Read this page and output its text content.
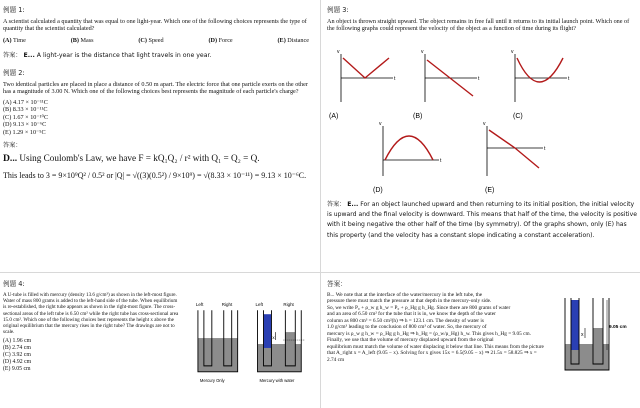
例题 1:
A scientist calculated a quantity that was equal to one light-year. Which one of the following choices represents the type of quantity that the scientist calculated?
(A) Time	(B) Mass	(C) Speed	(D) Force	(E) Distance
答案： E... A light-year is the distance that light travels in one year.
例题 2:
Two identical particles are placed in place a distance of 0.50 m apart. The electric force that one particle exerts on the other has a magnitude of 3.00 N. Which one of the following choices best represents the magnitude of each particle's charge?
(A) 4.17 × 10⁻¹¹C
(B) 8.33 × 10⁻¹¹C
(C) 1.67 × 10⁻¹⁰C
(D) 9.13 × 10⁻⁶C
(E) 1.29 × 10⁻⁵C
答案：
D... Using Coulomb's Law, we have F = kQ₁Q₂ / r² with Q₁ = Q₂ = Q.
This leads to 3 = 9×10⁹Q² / 0.5² or |Q| = √((3)(0.5²) / 9×10⁹) = √(8.33 × 10⁻¹¹) = 9.13 × 10⁻⁶C.
例题 3:
An object is thrown straight upward. The object remains in free fall until it returns to its initial launch point. Which one of the following graphs could represent the velocity of the object as a function of time during its flight?
v
t
(A)
v
t
(B)
v
t
(C)
v
t
(D)
v
t
(E)
答案： E... For an object launched upward and then returning to its initial position, the initial velocity is upward and the final velocity is downward. This means that half of the time, the velocity is positive with it being negative the other half of the time (by symmetry). Of the graphs shown, only (E) has this property (and the velocity has a constant slope indicating a constant acceleration).
例题 4:
A U-tube is filled with mercury (density 13.6 g/cm³) as shown in the left-most figure. Water of mass 800 grams is added to the left-hand side of the tube. When equilibrium is re-established, the right tube appears as shown in the right-most figure. The cross-sectional areas of the left tube is 6.50 cm² while the right tube has cross-sectional area 15.0 cm². Which one of the following choices best represents the height x above the original equilibrium that the mercury rises in the right tube? The drawings are not to scale.
(A) 1.96 cm
(B) 2.74 cm
(C) 3.92 cm
(D) 4.92 cm
(E) 9.05 cm
Left	Right
Mercury Only
Left	Right
x
Mercury with water
答案：
B... We note that at the interface of the water/mercury in the left tube, the
pressure there must match the pressure at that depth in the mercury-only side.
So, we write P₀ + ρ_w g h_w = P₀ + ρ_Hg g h_Hg. Since there are 800 grams of water
and an area of 6.50 cm² for the tube that it is in, we know the depth of the water
column as 800 cm³ = 6.50 cm²(h) ⇒ h = 123.1 cm. The density of water is
1.0 g/cm³ leading to the conclusion of 800 cm³ of water. So, the mercury of
mercury is ρ_w g h_w = ρ_Hg g h_Hg ⇒ h_Hg = (ρ_w/ρ_Hg) h_w. This gives h_Hg = 9.05 cm.
Finally, we use that the volume of mercury displaced upward from the original
equilibrium must match the volume of water displacing it below that line. This means from the picture
that A_right x = A_left (9.05 − x). Solving for x gives 15x = 6.5(9.05 − x) ⇒ 21.5x = 58.825 ⇒ x =
2.74 cm
x
9.05 cm
